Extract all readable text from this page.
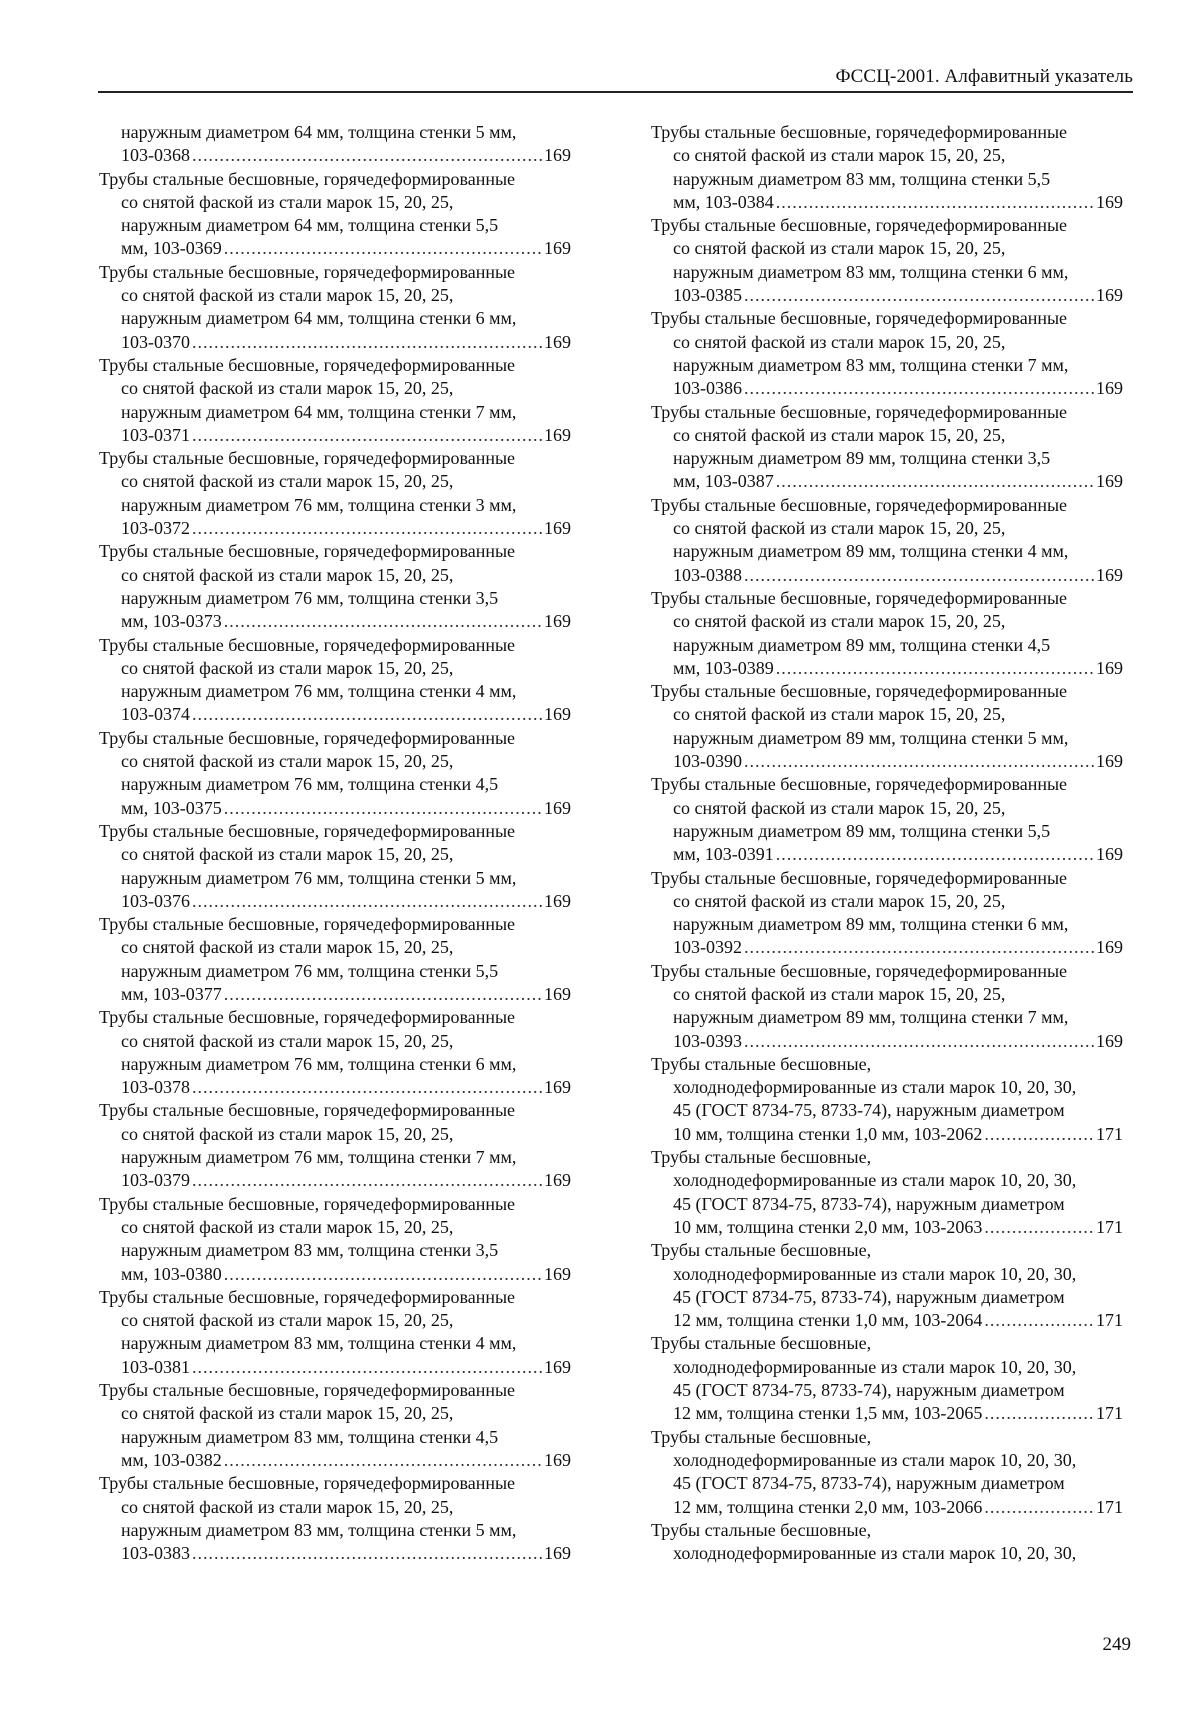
ФССЦ-2001. Алфавитный указатель
наружным диаметром 64 мм, толщина стенки 5 мм,
103-0368 .....	169
Трубы стальные бесшовные, горячедеформированные
со снятой фаской из стали марок 15, 20, 25,
наружным диаметром 64 мм, толщина стенки 5,5
мм, 103-0369 .....	169
Трубы стальные бесшовные, горячедеформированные
со снятой фаской из стали марок 15, 20, 25,
наружным диаметром 64 мм, толщина стенки 6 мм,
103-0370 .....	169
Трубы стальные бесшовные, горячедеформированные
со снятой фаской из стали марок 15, 20, 25,
наружным диаметром 64 мм, толщина стенки 7 мм,
103-0371 .....	169
Трубы стальные бесшовные, горячедеформированные
со снятой фаской из стали марок 15, 20, 25,
наружным диаметром 76 мм, толщина стенки 3 мм,
103-0372 .....	169
Трубы стальные бесшовные, горячедеформированные
со снятой фаской из стали марок 15, 20, 25,
наружным диаметром 76 мм, толщина стенки 3,5
мм, 103-0373 .....	169
Трубы стальные бесшовные, горячедеформированные
со снятой фаской из стали марок 15, 20, 25,
наружным диаметром 76 мм, толщина стенки 4 мм,
103-0374 .....	169
Трубы стальные бесшовные, горячедеформированные
со снятой фаской из стали марок 15, 20, 25,
наружным диаметром 76 мм, толщина стенки 4,5
мм, 103-0375 .....	169
Трубы стальные бесшовные, горячедеформированные
со снятой фаской из стали марок 15, 20, 25,
наружным диаметром 76 мм, толщина стенки 5 мм,
103-0376 .....	169
Трубы стальные бесшовные, горячедеформированные
со снятой фаской из стали марок 15, 20, 25,
наружным диаметром 76 мм, толщина стенки 5,5
мм, 103-0377 .....	169
Трубы стальные бесшовные, горячедеформированные
со снятой фаской из стали марок 15, 20, 25,
наружным диаметром 76 мм, толщина стенки 6 мм,
103-0378 .....	169
Трубы стальные бесшовные, горячедеформированные
со снятой фаской из стали марок 15, 20, 25,
наружным диаметром 76 мм, толщина стенки 7 мм,
103-0379 .....	169
Трубы стальные бесшовные, горячедеформированные
со снятой фаской из стали марок 15, 20, 25,
наружным диаметром 83 мм, толщина стенки 3,5
мм, 103-0380 .....	169
Трубы стальные бесшовные, горячедеформированные
со снятой фаской из стали марок 15, 20, 25,
наружным диаметром 83 мм, толщина стенки 4 мм,
103-0381 .....	169
Трубы стальные бесшовные, горячедеформированные
со снятой фаской из стали марок 15, 20, 25,
наружным диаметром 83 мм, толщина стенки 4,5
мм, 103-0382 .....	169
Трубы стальные бесшовные, горячедеформированные
со снятой фаской из стали марок 15, 20, 25,
наружным диаметром 83 мм, толщина стенки 5 мм,
103-0383 .....	169
Трубы стальные бесшовные, горячедеформированные
со снятой фаской из стали марок 15, 20, 25,
наружным диаметром 83 мм, толщина стенки 5,5
мм, 103-0384 .....	169
Трубы стальные бесшовные, горячедеформированные
со снятой фаской из стали марок 15, 20, 25,
наружным диаметром 83 мм, толщина стенки 6 мм,
103-0385 .....	169
Трубы стальные бесшовные, горячедеформированные
со снятой фаской из стали марок 15, 20, 25,
наружным диаметром 83 мм, толщина стенки 7 мм,
103-0386 .....	169
Трубы стальные бесшовные, горячедеформированные
со снятой фаской из стали марок 15, 20, 25,
наружным диаметром 89 мм, толщина стенки 3,5
мм, 103-0387 .....	169
Трубы стальные бесшовные, горячедеформированные
со снятой фаской из стали марок 15, 20, 25,
наружным диаметром 89 мм, толщина стенки 4 мм,
103-0388 .....	169
Трубы стальные бесшовные, горячедеформированные
со снятой фаской из стали марок 15, 20, 25,
наружным диаметром 89 мм, толщина стенки 4,5
мм, 103-0389 .....	169
Трубы стальные бесшовные, горячедеформированные
со снятой фаской из стали марок 15, 20, 25,
наружным диаметром 89 мм, толщина стенки 5 мм,
103-0390 .....	169
Трубы стальные бесшовные, горячедеформированные
со снятой фаской из стали марок 15, 20, 25,
наружным диаметром 89 мм, толщина стенки 5,5
мм, 103-0391 .....	169
Трубы стальные бесшовные, горячедеформированные
со снятой фаской из стали марок 15, 20, 25,
наружным диаметром 89 мм, толщина стенки 6 мм,
103-0392 .....	169
Трубы стальные бесшовные, горячедеформированные
со снятой фаской из стали марок 15, 20, 25,
наружным диаметром 89 мм, толщина стенки 7 мм,
103-0393 .....	169
Трубы стальные бесшовные,
холоднодеформированные из стали марок 10, 20, 30,
45 (ГОСТ 8734-75, 8733-74), наружным диаметром
10 мм, толщина стенки 1,0 мм, 103-2062 .....	171
Трубы стальные бесшовные,
холоднодеформированные из стали марок 10, 20, 30,
45 (ГОСТ 8734-75, 8733-74), наружным диаметром
10 мм, толщина стенки 2,0 мм, 103-2063 .....	171
Трубы стальные бесшовные,
холоднодеформированные из стали марок 10, 20, 30,
45 (ГОСТ 8734-75, 8733-74), наружным диаметром
12 мм, толщина стенки 1,0 мм, 103-2064 .....	171
Трубы стальные бесшовные,
холоднодеформированные из стали марок 10, 20, 30,
45 (ГОСТ 8734-75, 8733-74), наружным диаметром
12 мм, толщина стенки 1,5 мм, 103-2065 .....	171
Трубы стальные бесшовные,
холоднодеформированные из стали марок 10, 20, 30,
45 (ГОСТ 8734-75, 8733-74), наружным диаметром
12 мм, толщина стенки 2,0 мм, 103-2066 .....	171
Трубы стальные бесшовные,
холоднодеформированные из стали марок 10, 20, 30,
249
